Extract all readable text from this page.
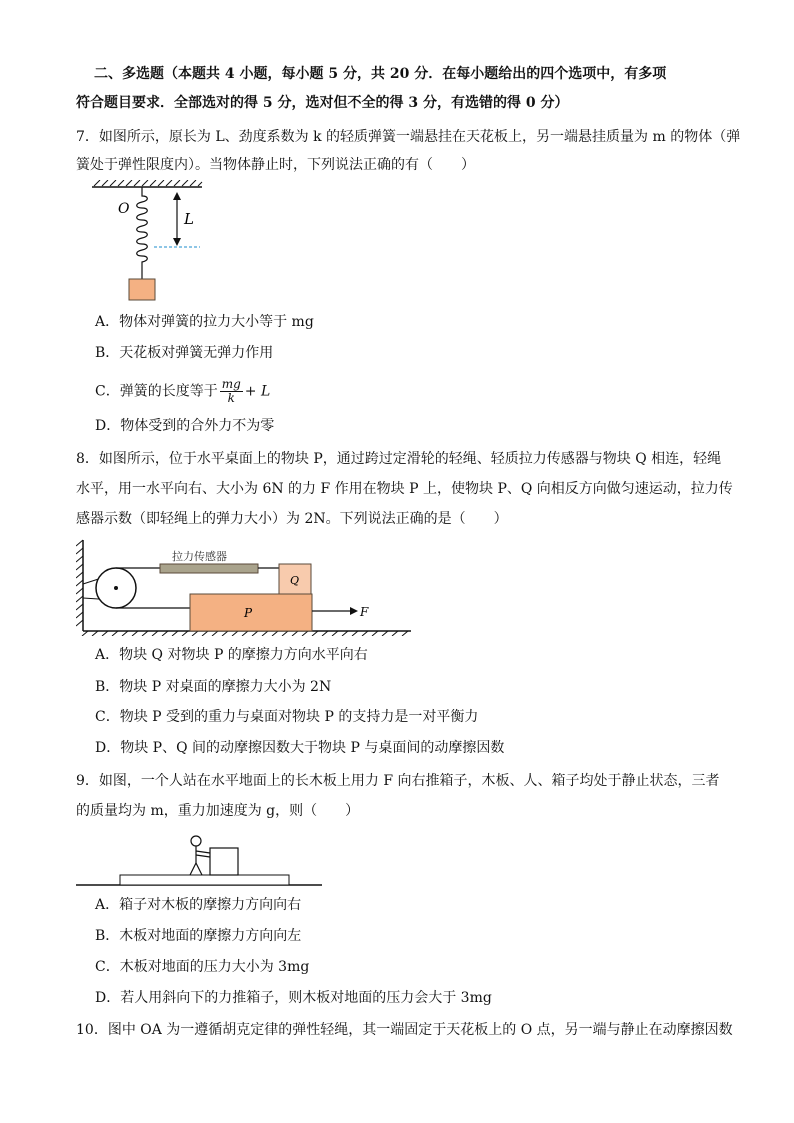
二、多选题（本题共 4 小题，每小题 5 分，共 20 分．在每小题给出的四个选项中，有多项
符合题目要求．全部选对的得 5 分，选对但不全的得 3 分，有选错的得 0 分）
7．如图所示，原长为 L、劲度系数为 k 的轻质弹簧一端悬挂在天花板上，另一端悬挂质量为 m 的物体（弹
簧处于弹性限度内）。当物体静止时，下列说法正确的有（　　）
O
L
A．物体对弹簧的拉力大小等于 mg
B．天花板对弹簧无弹力作用
C．弹簧的长度等于 $\frac{mg}{k} + L$
D．物体受到的合外力不为零
8．如图所示，位于水平桌面上的物块 P，通过跨过定滑轮的轻绳、轻质拉力传感器与物块 Q 相连，轻绳
水平，用一水平向右、大小为 6N 的力 F 作用在物块 P 上，使物块 P、Q 向相反方向做匀速运动，拉力传
感器示数（即轻绳上的弹力大小）为 2N。下列说法正确的是（　　）
拉力传感器
Q
P	F
A．物块 Q 对物块 P 的摩擦力方向水平向右
B．物块 P 对桌面的摩擦力大小为 2N
C．物块 P 受到的重力与桌面对物块 P 的支持力是一对平衡力
D．物块 P、Q 间的动摩擦因数大于物块 P 与桌面间的动摩擦因数
9．如图，一个人站在水平地面上的长木板上用力 F 向右推箱子，木板、人、箱子均处于静止状态，三者
的质量均为 m，重力加速度为 g，则（　　）
A．箱子对木板的摩擦力方向向右
B．木板对地面的摩擦力方向向左
C．木板对地面的压力大小为 3mg
D．若人用斜向下的力推箱子，则木板对地面的压力会大于 3mg
10．图中 OA 为一遵循胡克定律的弹性轻绳，其一端固定于天花板上的 O 点，另一端与静止在动摩擦因数
